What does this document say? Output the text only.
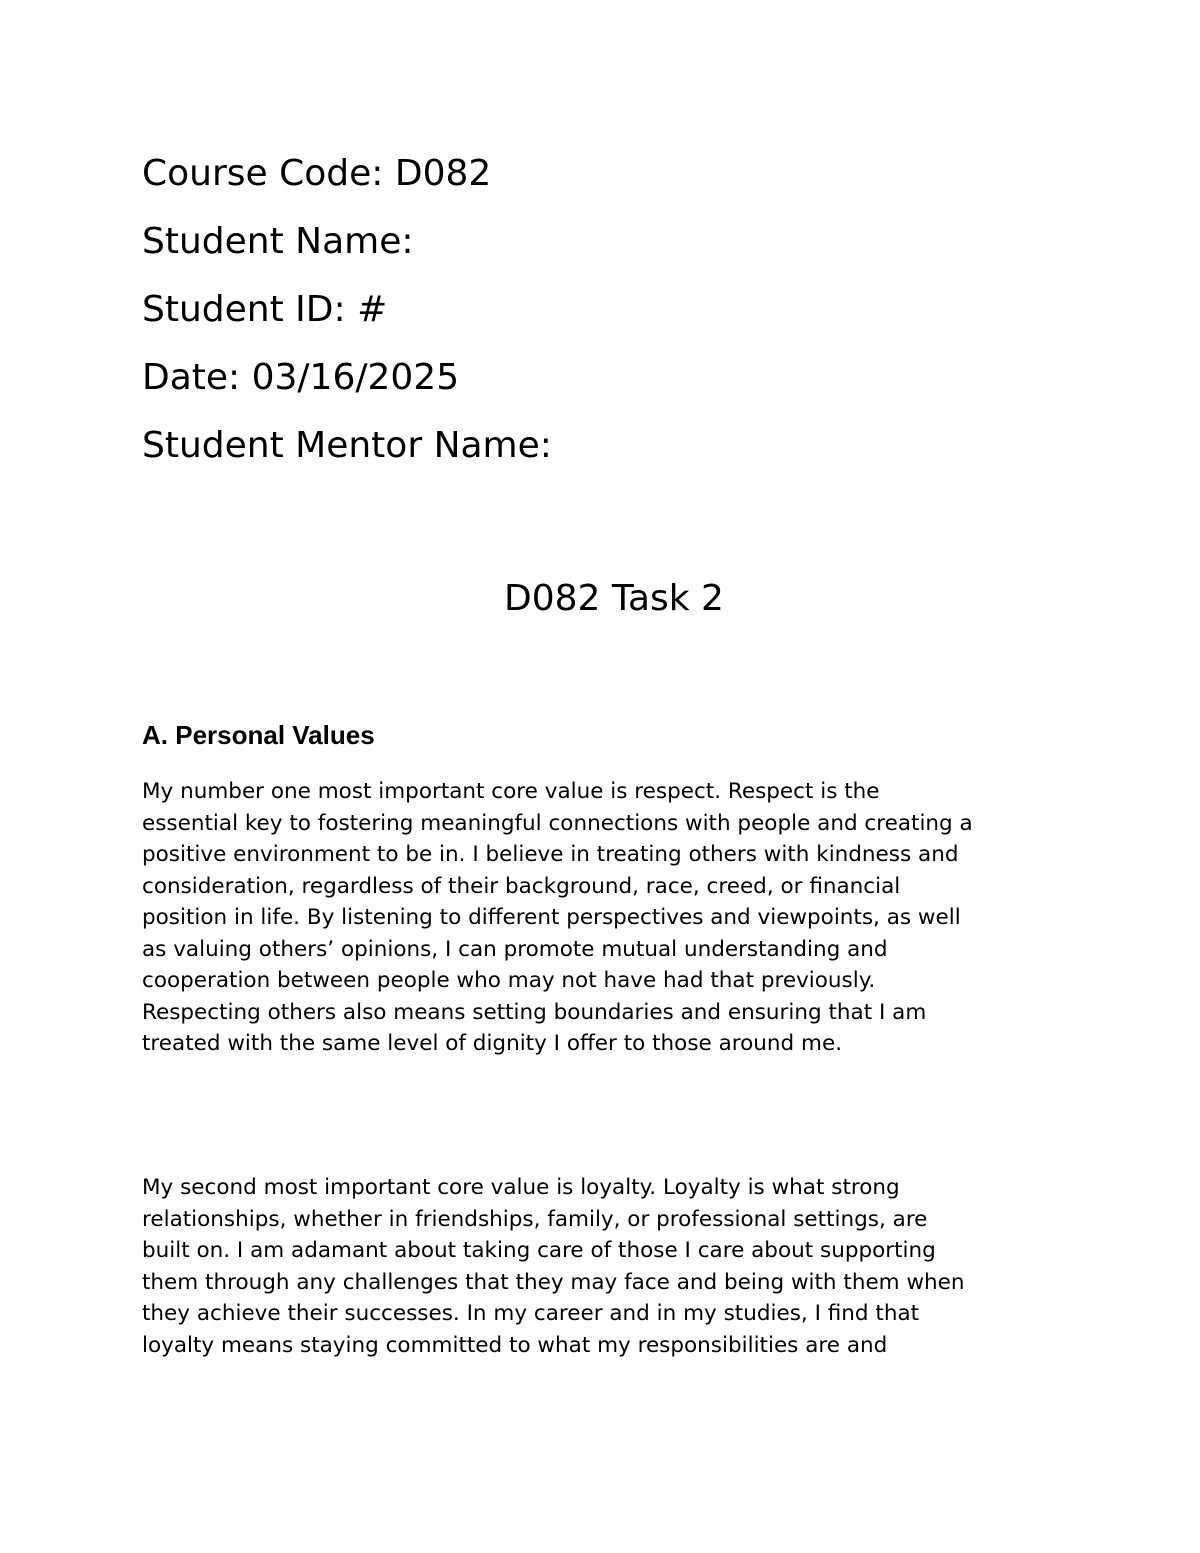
Course Code: D082
Student Name:
Student ID: #
Date: 03/16/2025
Student Mentor Name:
D082 Task 2
A. Personal Values
My number one most important core value is respect. Respect is the
essential key to fostering meaningful connections with people and creating a
positive environment to be in. I believe in treating others with kindness and
consideration, regardless of their background, race, creed, or financial
position in life. By listening to different perspectives and viewpoints, as well
as valuing others’ opinions, I can promote mutual understanding and
cooperation between people who may not have had that previously.
Respecting others also means setting boundaries and ensuring that I am
treated with the same level of dignity I offer to those around me.
My second most important core value is loyalty. Loyalty is what strong
relationships, whether in friendships, family, or professional settings, are
built on. I am adamant about taking care of those I care about supporting
them through any challenges that they may face and being with them when
they achieve their successes. In my career and in my studies, I find that
loyalty means staying committed to what my responsibilities are and
